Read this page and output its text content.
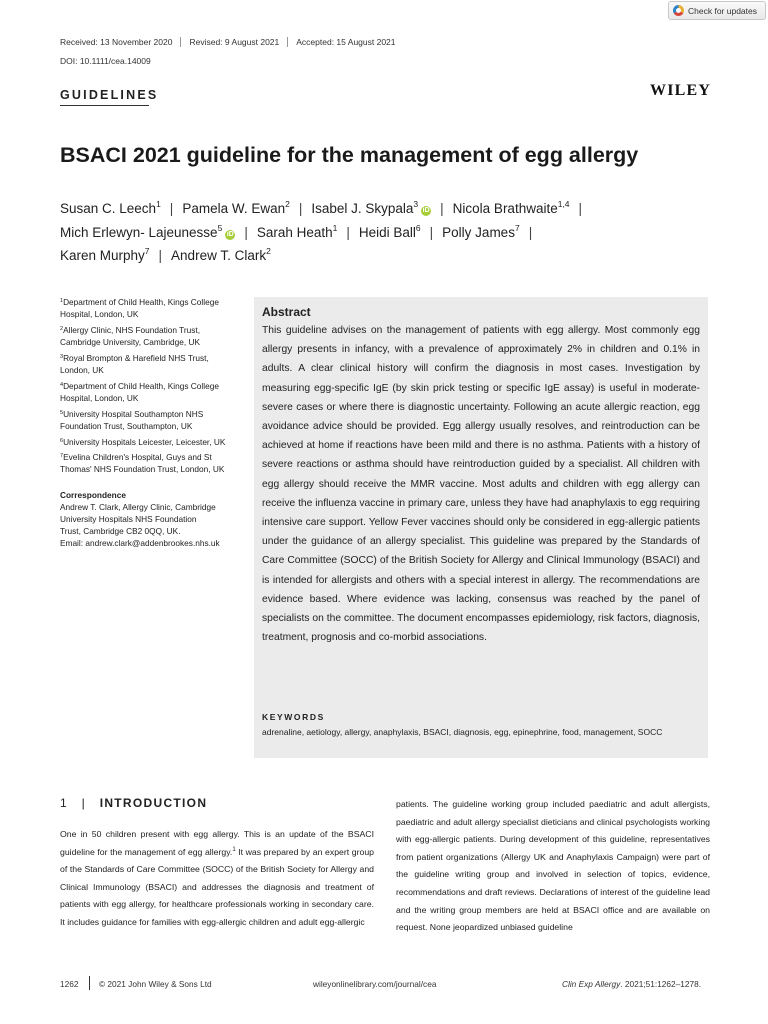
Check for updates
Received: 13 November 2020	Revised: 9 August 2021	Accepted: 15 August 2021
DOI: 10.1111/cea.14009
GUIDELINES	WILEY
BSACI 2021 guideline for the management of egg allergy
Susan C. Leech$^1$ | Pamela W. Ewan$^2$ | Isabel J. Skypala$^3$iD | Nicola Brathwaite$^{1,4}$ |
Mich Erlewyn- Lajeunesse$^5$iD | Sarah Heath$^1$ | Heidi Ball$^6$ | Polly James$^7$ |
Karen Murphy$^7$ | Andrew T. Clark$^2$
$^1$Department of Child Health, Kings College Hospital, London, UK
$^2$Allergy Clinic, NHS Foundation Trust, Cambridge University, Cambridge, UK
$^3$Royal Brompton & Harefield NHS Trust, London, UK
$^4$Department of Child Health, Kings College Hospital, London, UK
$^5$University Hospital Southampton NHS Foundation Trust, Southampton, UK
$^6$University Hospitals Leicester, Leicester, UK
$^7$Evelina Children's Hospital, Guys and St Thomas' NHS Foundation Trust, London, UK
Correspondence
Andrew T. Clark, Allergy Clinic, Cambridge
University Hospitals NHS Foundation
Trust, Cambridge CB2 0QQ, UK.
Email: andrew.clark@addenbrookes.nhs.uk
Abstract
This guideline advises on the management of patients with egg allergy. Most commonly egg allergy presents in infancy, with a prevalence of approximately 2% in children and 0.1% in adults. A clear clinical history will confirm the diagnosis in most cases. Investigation by measuring egg-specific IgE (by skin prick testing or specific IgE assay) is useful in moderate-severe cases or where there is diagnostic uncertainty. Following an acute allergic reaction, egg avoidance advice should be provided. Egg allergy usually resolves, and reintroduction can be achieved at home if reactions have been mild and there is no asthma. Patients with a history of severe reactions or asthma should have reintroduction guided by a specialist. All children with egg allergy should receive the MMR vaccine. Most adults and children with egg allergy can receive the influenza vaccine in primary care, unless they have had anaphylaxis to egg requiring intensive care support. Yellow Fever vaccines should only be considered in egg-allergic patients under the guidance of an allergy specialist. This guideline was prepared by the Standards of Care Committee (SOCC) of the British Society for Allergy and Clinical Immunology (BSACI) and is intended for allergists and others with a special interest in allergy. The recommendations are evidence based. Where evidence was lacking, consensus was reached by the panel of specialists on the committee. The document encompasses epidemiology, risk factors, diagnosis, treatment, prognosis and co-morbid associations.
KEYWORDS
adrenaline, aetiology, allergy, anaphylaxis, BSACI, diagnosis, egg, epinephrine, food, management, SOCC
1 | INTRODUCTION
One in 50 children present with egg allergy. This is an update of the BSACI guideline for the management of egg allergy.$^1$ It was prepared by an expert group of the Standards of Care Committee (SOCC) of the British Society for Allergy and Clinical Immunology (BSACI) and addresses the diagnosis and treatment of patients with egg allergy, for healthcare professionals working in secondary care. It includes guidance for families with egg-allergic children and adult egg-allergic
patients. The guideline working group included paediatric and adult allergists, paediatric and adult allergy specialist dieticians and clinical psychologists working with egg-allergic patients. During development of this guideline, representatives from patient organizations (Allergy UK and Anaphylaxis Campaign) were part of the guideline writing group and involved in selection of topics, evidence, recommendations and draft reviews. Declarations of interest of the guideline lead and the writing group members are held at BSACI office and are available on request. None jeopardized unbiased guideline
1262 © 2021 John Wiley & Sons Ltd	wileyonlinelibrary.com/journal/cea	Clin Exp Allergy. 2021;51:1262–1278.
